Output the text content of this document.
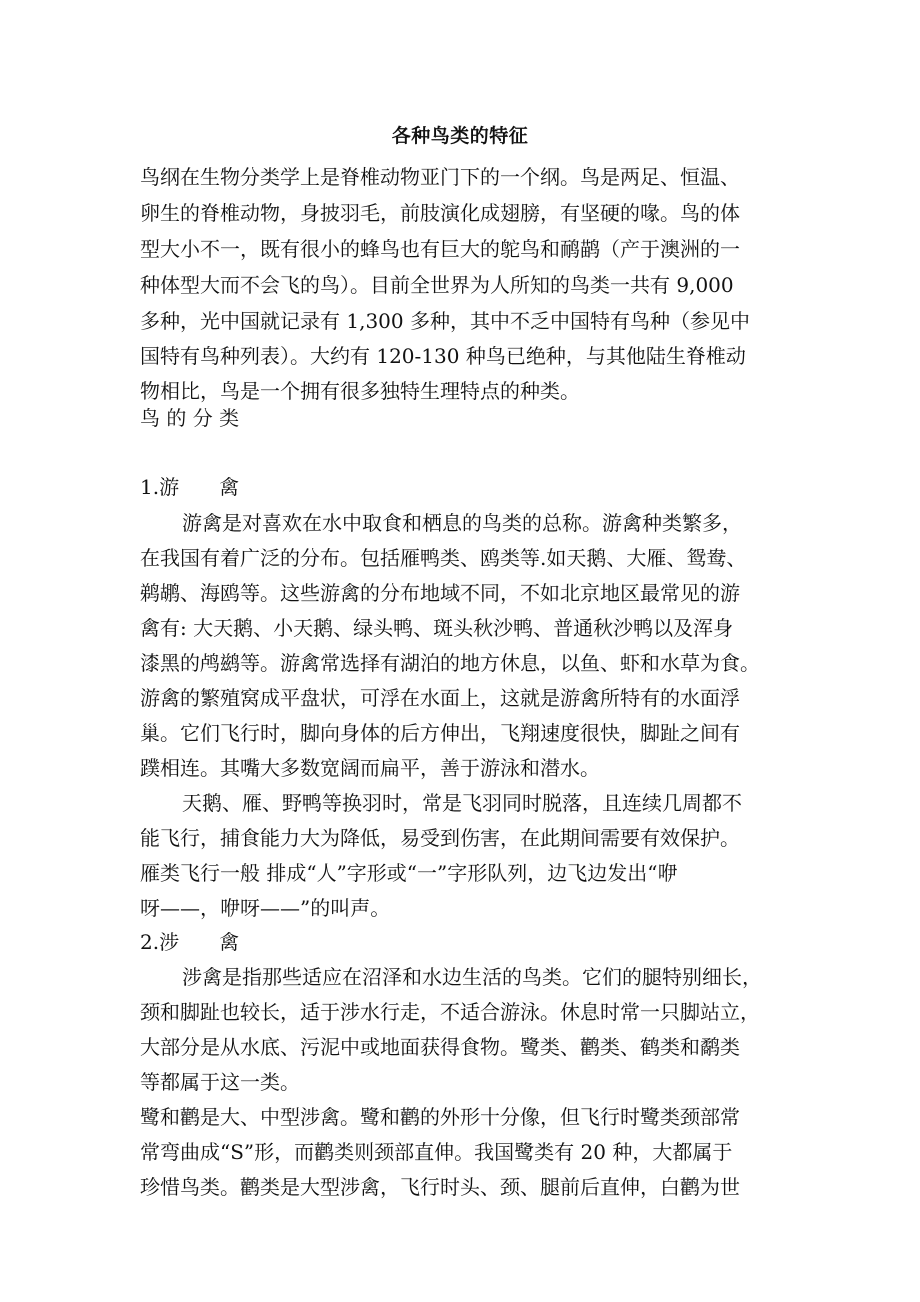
各种鸟类的特征
鸟纲在生物分类学上是脊椎动物亚门下的一个纲。鸟是两足、恒温、
卵生的脊椎动物，身披羽毛，前肢演化成翅膀，有坚硬的喙。鸟的体
型大小不一，既有很小的蜂鸟也有巨大的鸵鸟和鸸鹋（产于澳洲的一
种体型大而不会飞的鸟）。目前全世界为人所知的鸟类一共有 9,000
多种，光中国就记录有 1,300 多种，其中不乏中国特有鸟种（参见中
国特有鸟种列表）。大约有 120-130 种鸟已绝种，与其他陆生脊椎动
物相比，鸟是一个拥有很多独特生理特点的种类。
鸟 的 分 类
1.游　　禽
游禽是对喜欢在水中取食和栖息的鸟类的总称。游禽种类繁多，
在我国有着广泛的分布。包括雁鸭类、鸥类等.如天鹅、大雁、鸳鸯、
鹈鹕、海鸥等。这些游禽的分布地域不同，不如北京地区最常见的游
禽有: 大天鹅、小天鹅、绿头鸭、斑头秋沙鸭、普通秋沙鸭以及浑身
漆黑的鸬鹚等。游禽常选择有湖泊的地方休息，以鱼、虾和水草为食。
游禽的繁殖窝成平盘状，可浮在水面上，这就是游禽所特有的水面浮
巢。它们飞行时，脚向身体的后方伸出，飞翔速度很快，脚趾之间有
蹼相连。其嘴大多数宽阔而扁平，善于游泳和潜水。
天鹅、雁、野鸭等换羽时，常是飞羽同时脱落，且连续几周都不
能飞行，捕食能力大为降低，易受到伤害，在此期间需要有效保护。
雁类飞行一般 排成“人”字形或“一”字形队列，边飞边发出“咿
呀——，咿呀——”的叫声。
2.涉　　禽
涉禽是指那些适应在沼泽和水边生活的鸟类。它们的腿特别细长，
颈和脚趾也较长，适于涉水行走，不适合游泳。休息时常一只脚站立，
大部分是从水底、污泥中或地面获得食物。鹭类、鹳类、鹤类和鹬类
等都属于这一类。
鹭和鹳是大、中型涉禽。鹭和鹳的外形十分像，但飞行时鹭类颈部常
常弯曲成“S”形，而鹳类则颈部直伸。我国鹭类有 20 种，大都属于
珍惜鸟类。鹳类是大型涉禽，飞行时头、颈、腿前后直伸，白鹳为世
